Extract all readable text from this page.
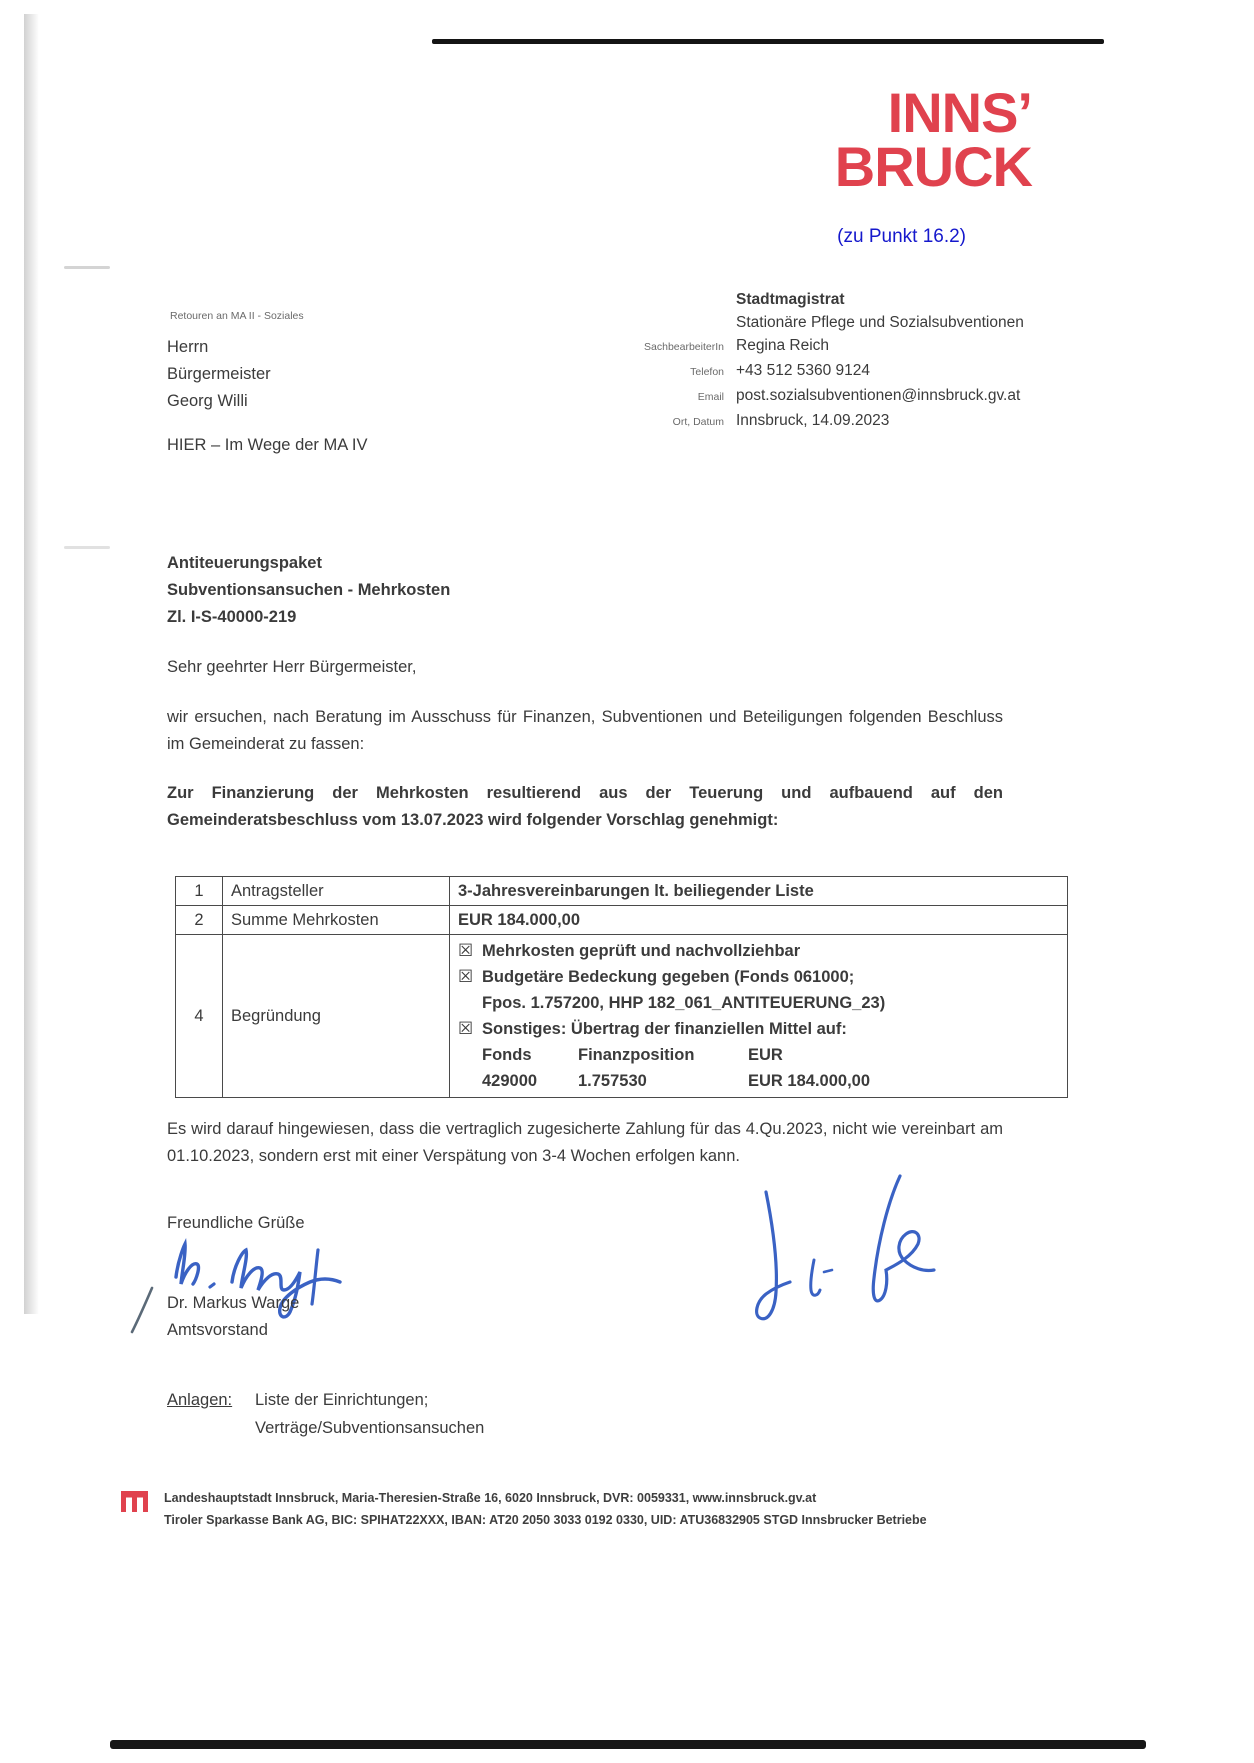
INNS’
BRUCK
(zu Punkt 16.2)
Retouren an MA II - Soziales
Herrn
Bürgermeister
Georg Willi
HIER – Im Wege der MA IV
Stadtmagistrat
Stationäre Pflege und Sozialsubventionen
SachbearbeiterIn Regina Reich
Telefon +43 512 5360 9124
Email post.sozialsubventionen@innsbruck.gv.at
Ort, Datum Innsbruck, 14.09.2023
Antiteuerungspaket
Subventionsansuchen - Mehrkosten
Zl. I-S-40000-219
Sehr geehrter Herr Bürgermeister,
wir ersuchen, nach Beratung im Ausschuss für Finanzen, Subventionen und Beteiligungen folgenden Beschluss im Gemeinderat zu fassen:
Zur Finanzierung der Mehrkosten resultierend aus der Teuerung und aufbauend auf den Gemeinderatsbeschluss vom 13.07.2023 wird folgender Vorschlag genehmigt:
1	Antragsteller	3-Jahresvereinbarungen lt. beiliegender Liste
2	Summe Mehrkosten	EUR 184.000,00
4	Begründung	
☒ Mehrkosten geprüft und nachvollziehbar
☒ Budgetäre Bedeckung gegeben (Fonds 061000;
Fpos. 1.757200, HHP 182_061_ANTITEUERUNG_23)
☒ Sonstiges: Übertrag der finanziellen Mittel auf:
Fonds	Finanzposition	EUR
429000	1.757530	EUR 184.000,00
Es wird darauf hingewiesen, dass die vertraglich zugesicherte Zahlung für das 4.Qu.2023, nicht wie vereinbart am 01.10.2023, sondern erst mit einer Verspätung von 3-4 Wochen erfolgen kann.
Freundliche Grüße
Dr. Markus Warge
Amtsvorstand
Anlagen:	Liste der Einrichtungen;
Verträge/Subventionsansuchen
Landeshauptstadt Innsbruck, Maria-Theresien-Straße 16, 6020 Innsbruck, DVR: 0059331, www.innsbruck.gv.at
Tiroler Sparkasse Bank AG, BIC: SPIHAT22XXX, IBAN: AT20 2050 3033 0192 0330, UID: ATU36832905 STGD Innsbrucker Betriebe
